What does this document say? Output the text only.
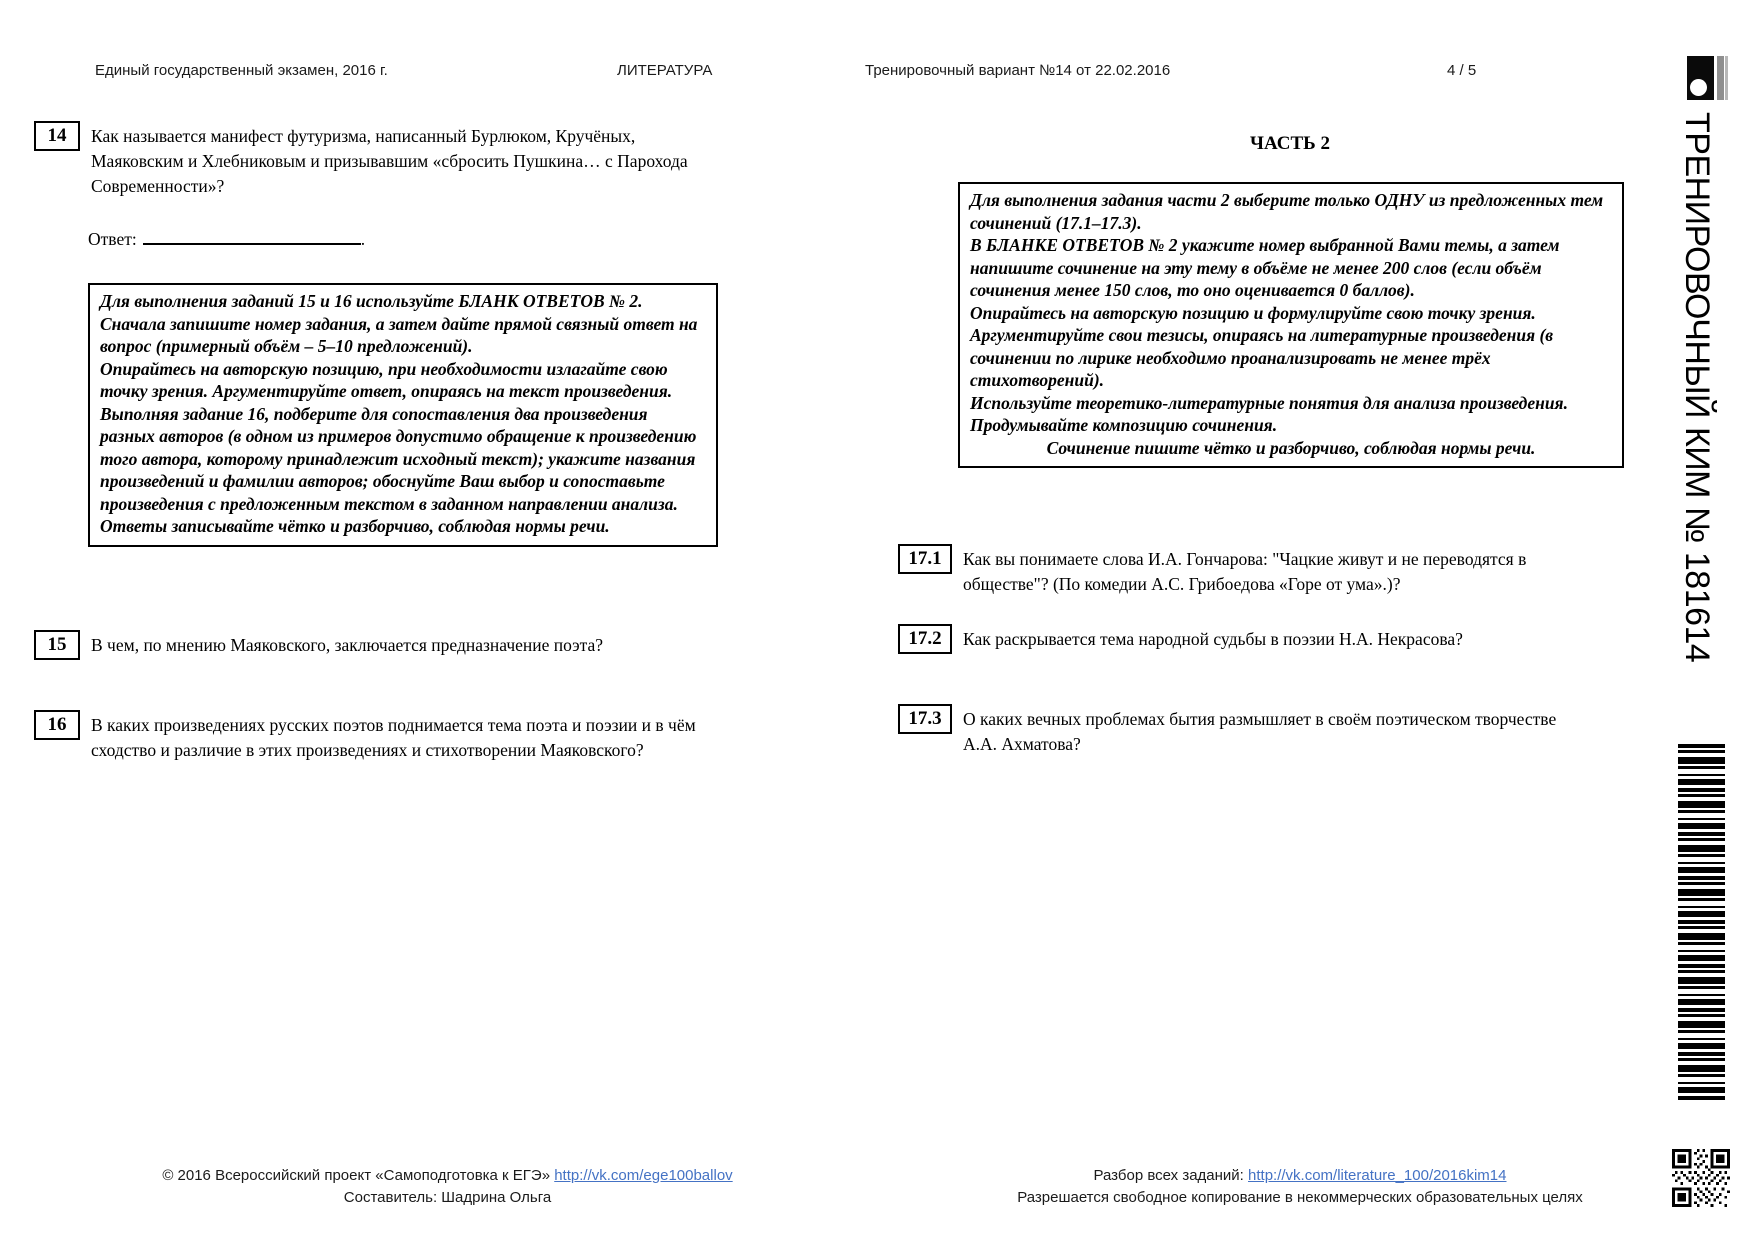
Единый государственный экзамен, 2016 г.	ЛИТЕРАТУРА	Тренировочный вариант №14 от 22.02.2016	4 / 5
14	Как называется манифест футуризма, написанный Бурлюком, Кручёных, Маяковским и Хлебниковым и призывавшим «сбросить Пушкина… с Парохода Современности»?
Ответ:	.

Для выполнения заданий 15 и 16 используйте БЛАНК ОТВЕТОВ № 2. Сначала запишите номер задания, а затем дайте прямой связный ответ на вопрос (примерный объём – 5–10 предложений).

Опирайтесь на авторскую позицию, при необходимости излагайте свою точку зрения. Аргументируйте ответ, опираясь на текст произведения.

Выполняя задание 16, подберите для сопоставления два произведения разных авторов (в одном из примеров допустимо обращение к произведению того автора, которому принадлежит исходный текст); укажите названия произведений и фамилии авторов; обоснуйте Ваш выбор и сопоставьте произведения с предложенным текстом в заданном направлении анализа.

Ответы записывайте чётко и разборчиво, соблюдая нормы речи.

15	В чем, по мнению Маяковского, заключается предназначение поэта?
16	В каких произведениях русских поэтов поднимается тема поэта и поэзии и в чём сходство и различие в этих произведениях и стихотворении Маяковского?
ЧАСТЬ 2

Для выполнения задания части 2 выберите только ОДНУ из предложенных тем сочинений (17.1–17.3).

В БЛАНКЕ ОТВЕТОВ № 2 укажите номер выбранной Вами темы, а затем напишите сочинение на эту тему в объёме не менее 200 слов (если объём сочинения менее 150 слов, то оно оценивается 0 баллов).

Опирайтесь на авторскую позицию и формулируйте свою точку зрения.

Аргументируйте свои тезисы, опираясь на литературные произведения (в сочинении по лирике необходимо проанализировать не менее трёх стихотворений).

Используйте теоретико-литературные понятия для анализа произведения.

Продумывайте композицию сочинения.

Сочинение пишите чётко и разборчиво, соблюдая нормы речи.

17.1	Как вы понимаете слова И.А. Гончарова: "Чацкие живут и не переводятся в обществе"? (По комедии А.С. Грибоедова «Горе от ума».)?
17.2	Как раскрывается тема народной судьбы в поэзии Н.А. Некрасова?
17.3	О каких вечных проблемах бытия размышляет в своём поэтическом творчестве А.А. Ахматова?
© 2016 Всероссийский проект «Самоподготовка к ЕГЭ» http://vk.com/ege100ballov
Составитель: Шадрина Ольга
Разбор всех заданий: http://vk.com/literature_100/2016kim14
Разрешается свободное копирование в некоммерческих образовательных целях
ТРЕНИРОВОЧНЫЙ КИМ № 181614
